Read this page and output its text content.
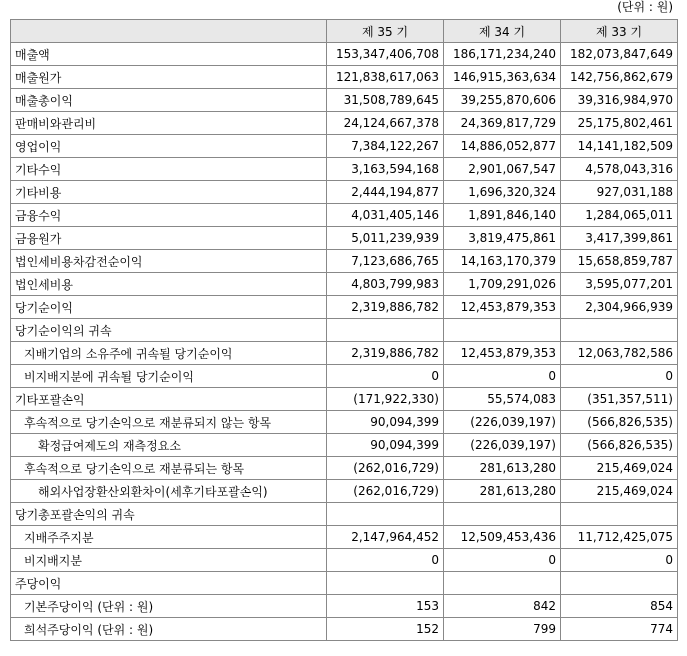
(단위 : 원)
	제 35 기	제 34 기	제 33 기
매출액	153,347,406,708	186,171,234,240	182,073,847,649
매출원가	121,838,617,063	146,915,363,634	142,756,862,679
매출총이익	31,508,789,645	39,255,870,606	39,316,984,970
판매비와관리비	24,124,667,378	24,369,817,729	25,175,802,461
영업이익	7,384,122,267	14,886,052,877	14,141,182,509
기타수익	3,163,594,168	2,901,067,547	4,578,043,316
기타비용	2,444,194,877	1,696,320,324	927,031,188
금융수익	4,031,405,146	1,891,846,140	1,284,065,011
금융원가	5,011,239,939	3,819,475,861	3,417,399,861
법인세비용차감전순이익	7,123,686,765	14,163,170,379	15,658,859,787
법인세비용	4,803,799,983	1,709,291,026	3,595,077,201
당기순이익	2,319,886,782	12,453,879,353	2,304,966,939
당기순이익의 귀속			
지배기업의 소유주에 귀속될 당기순이익	2,319,886,782	12,453,879,353	12,063,782,586
비지배지분에 귀속될 당기순이익	0	0	0
기타포괄손익	(171,922,330)	55,574,083	(351,357,511)
후속적으로 당기손익으로 재분류되지 않는 항목	90,094,399	(226,039,197)	(566,826,535)
확정급여제도의 재측정요소	90,094,399	(226,039,197)	(566,826,535)
후속적으로 당기손익으로 재분류되는 항목	(262,016,729)	281,613,280	215,469,024
해외사업장환산외환차이(세후기타포괄손익)	(262,016,729)	281,613,280	215,469,024
당기총포괄손익의 귀속			
지배주주지분	2,147,964,452	12,509,453,436	11,712,425,075
비지배지분	0	0	0
주당이익			
기본주당이익 (단위 : 원)	153	842	854
희석주당이익 (단위 : 원)	152	799	774
